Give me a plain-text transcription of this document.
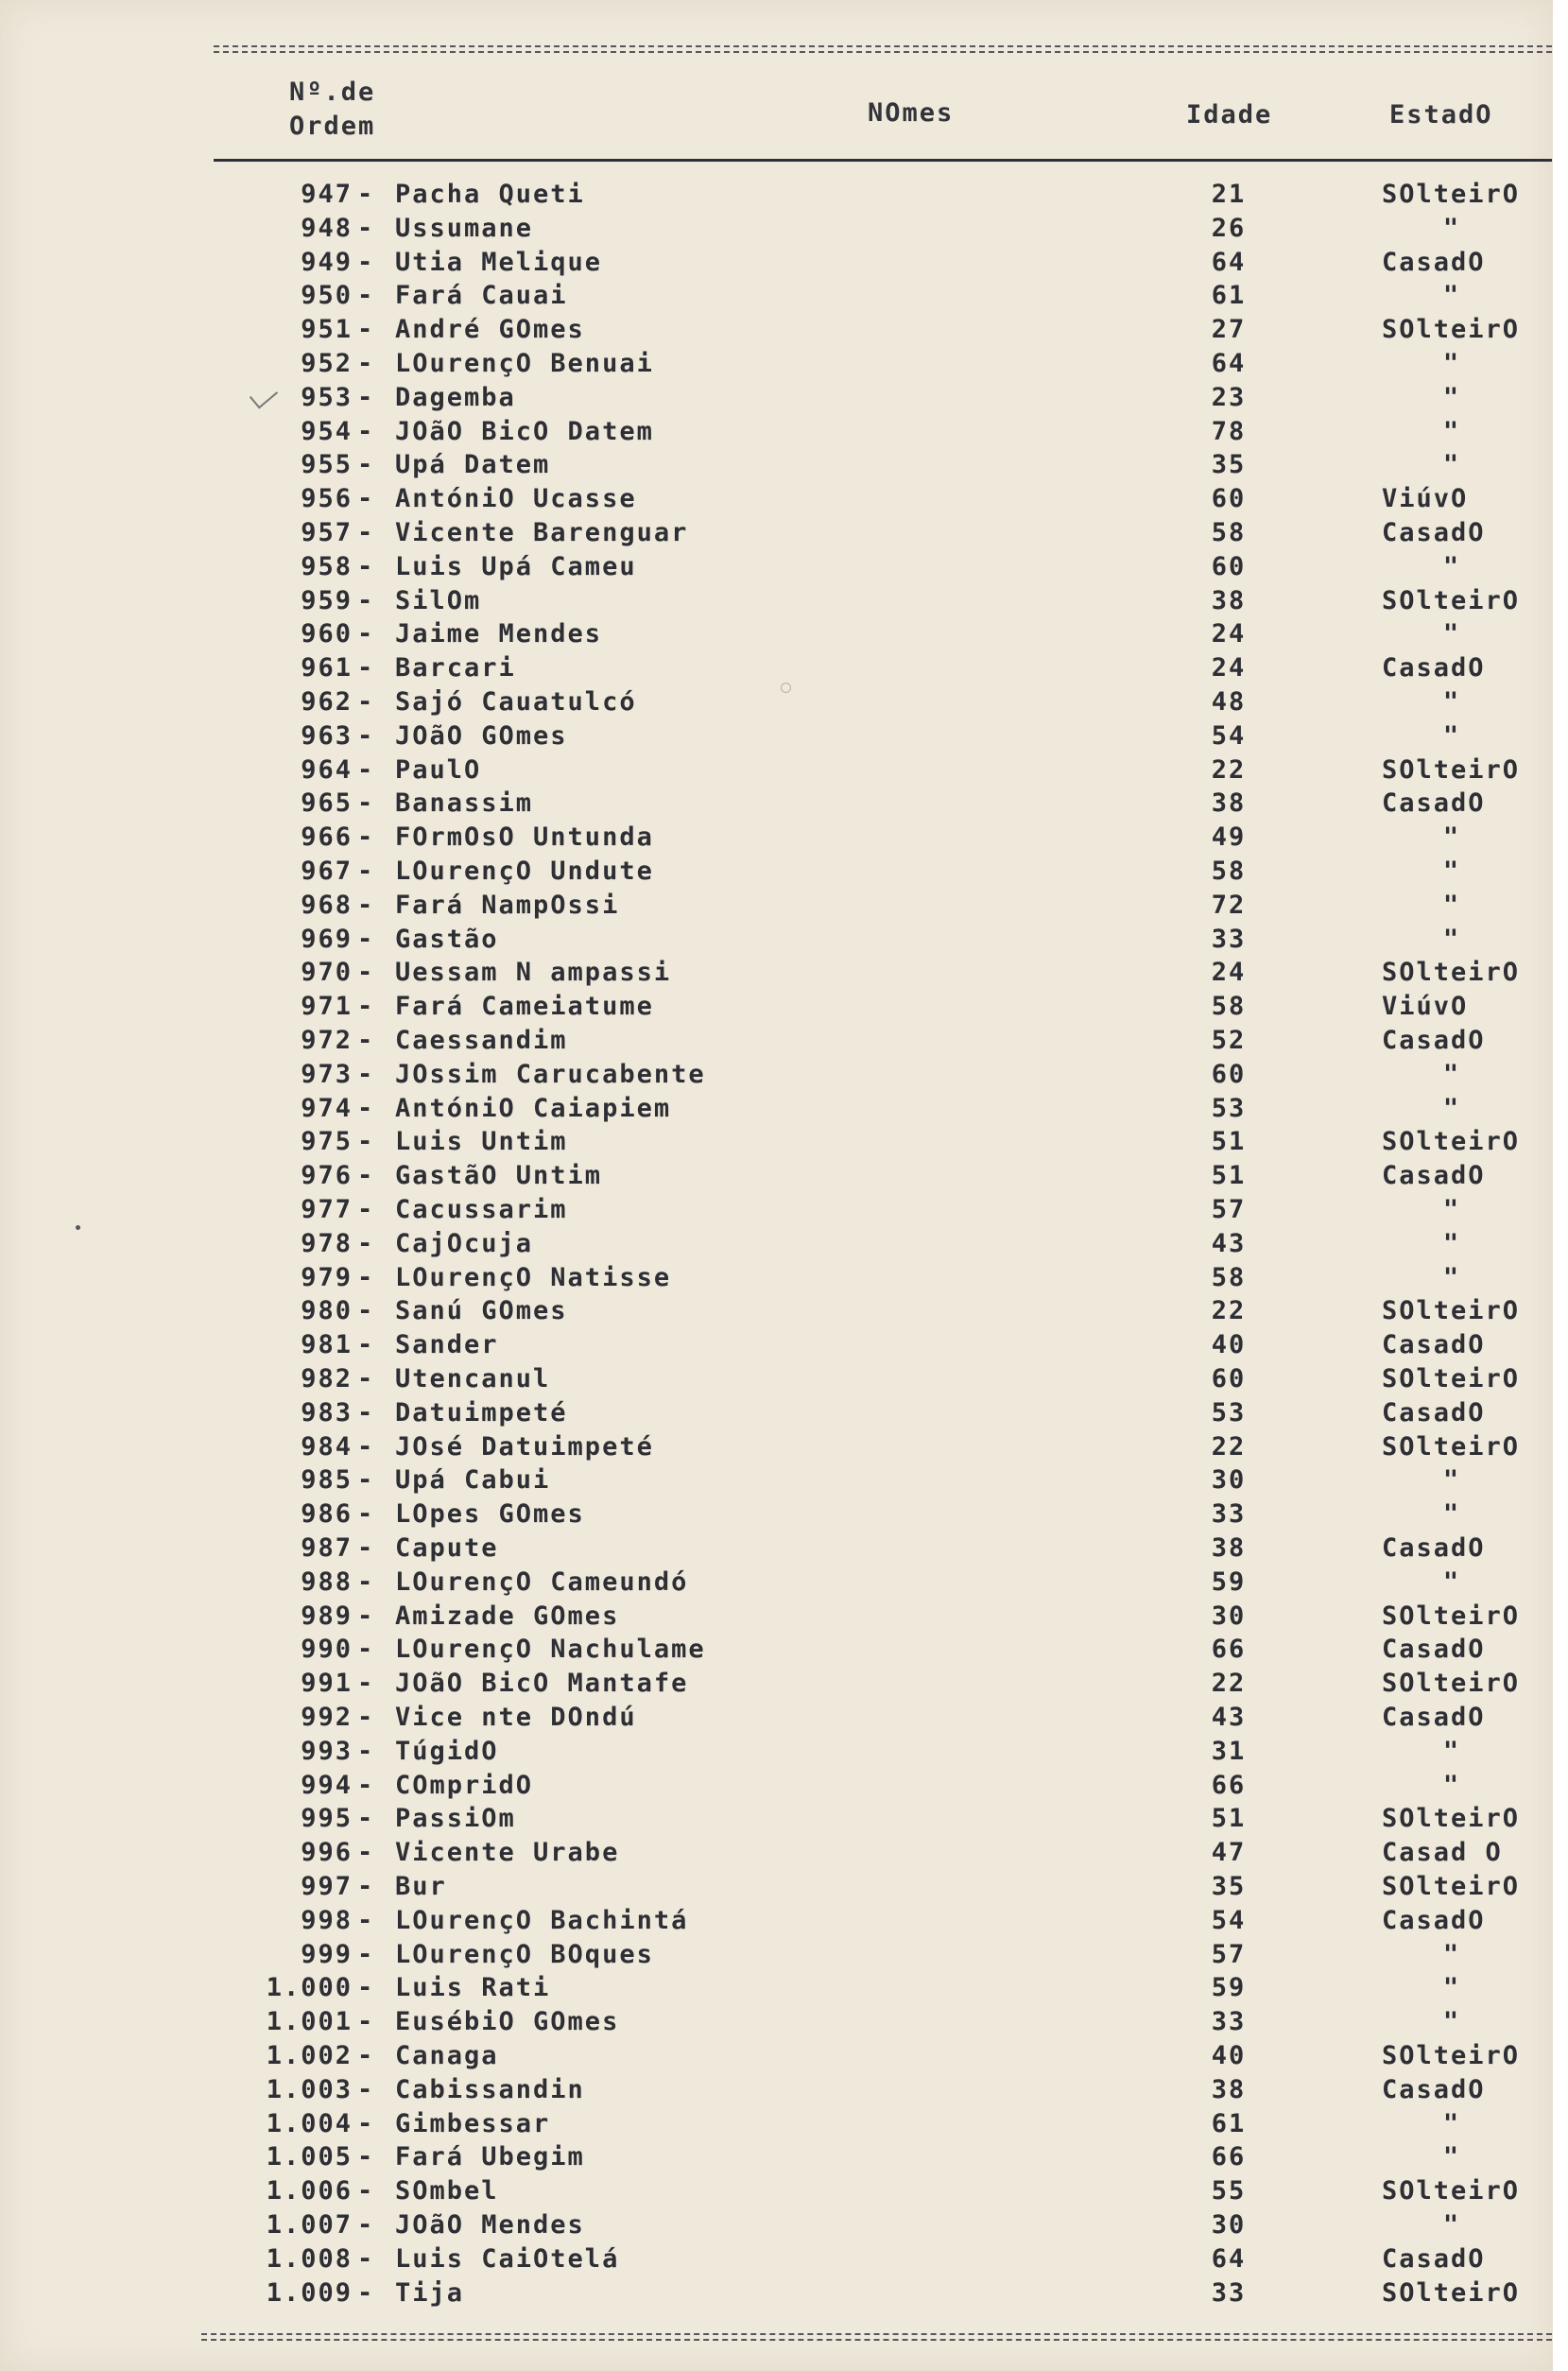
Nº.de
Ordem	NOmes	Idade	EstadO
947 - Pacha Queti	21	SOlteirO
948 - Ussumane	26	"
949 - Utia Melique	64	CasadO
950 - Fará Cauai	61	"
951 - André GOmes	27	SOlteirO
952 - LOurençO Benuai	64	"
953 - Dagemba	23	"
954 - JOãO BicO Datem	78	"
955 - Upá Datem	35	"
956 - AntóniO Ucasse	60	ViúvO
957 - Vicente Barenguar	58	CasadO
958 - Luis Upá Cameu	60	"
959 - SilOm	38	SOlteirO
960 - Jaime Mendes	24	"
961 - Barcari	24	CasadO
962 - Sajó Cauatulcó	48	"
963 - JOãO GOmes	54	"
964 - PaulO	22	SOlteirO
965 - Banassim	38	CasadO
966 - FOrmOsO Untunda	49	"
967 - LOurençO Undute	58	"
968 - Fará NampOssi	72	"
969 - Gastão	33	"
970 - Uessam N ampassi	24	SOlteirO
971 - Fará Cameiatume	58	ViúvO
972 - Caessandim	52	CasadO
973 - JOssim Carucabente	60	"
974 - AntóniO Caiapiem	53	"
975 - Luis Untim	51	SOlteirO
976 - GastãO Untim	51	CasadO
977 - Cacussarim	57	"
978 - CajOcuja	43	"
979 - LOurençO Natisse	58	"
980 - Sanú GOmes	22	SOlteirO
981 - Sander	40	CasadO
982 - Utencanul	60	SOlteirO
983 - Datuimpeté	53	CasadO
984 - JOsé Datuimpeté	22	SOlteirO
985 - Upá Cabui	30	"
986 - LOpes GOmes	33	"
987 - Capute	38	CasadO
988 - LOurençO Cameundó	59	"
989 - Amizade GOmes	30	SOlteirO
990 - LOurençO Nachulame	66	CasadO
991 - JOãO BicO Mantafe	22	SOlteirO
992 - Vice nte DOndú	43	CasadO
993 - TúgidO	31	"
994 - COmpridO	66	"
995 - PassiOm	51	SOlteirO
996 - Vicente Urabe	47	Casad O
997 - Bur	35	SOlteirO
998 - LOurençO Bachintá	54	CasadO
999 - LOurençO BOques	57	"
1.000 - Luis Rati	59	"
1.001 - EusébiO GOmes	33	"
1.002 - Canaga	40	SOlteirO
1.003 - Cabissandin	38	CasadO
1.004 - Gimbessar	61	"
1.005 - Fará Ubegim	66	"
1.006 - SOmbel	55	SOlteirO
1.007 - JOãO Mendes	30	"
1.008 - Luis CaiOtelá	64	CasadO
1.009 - Tija	33	SOlteirO
